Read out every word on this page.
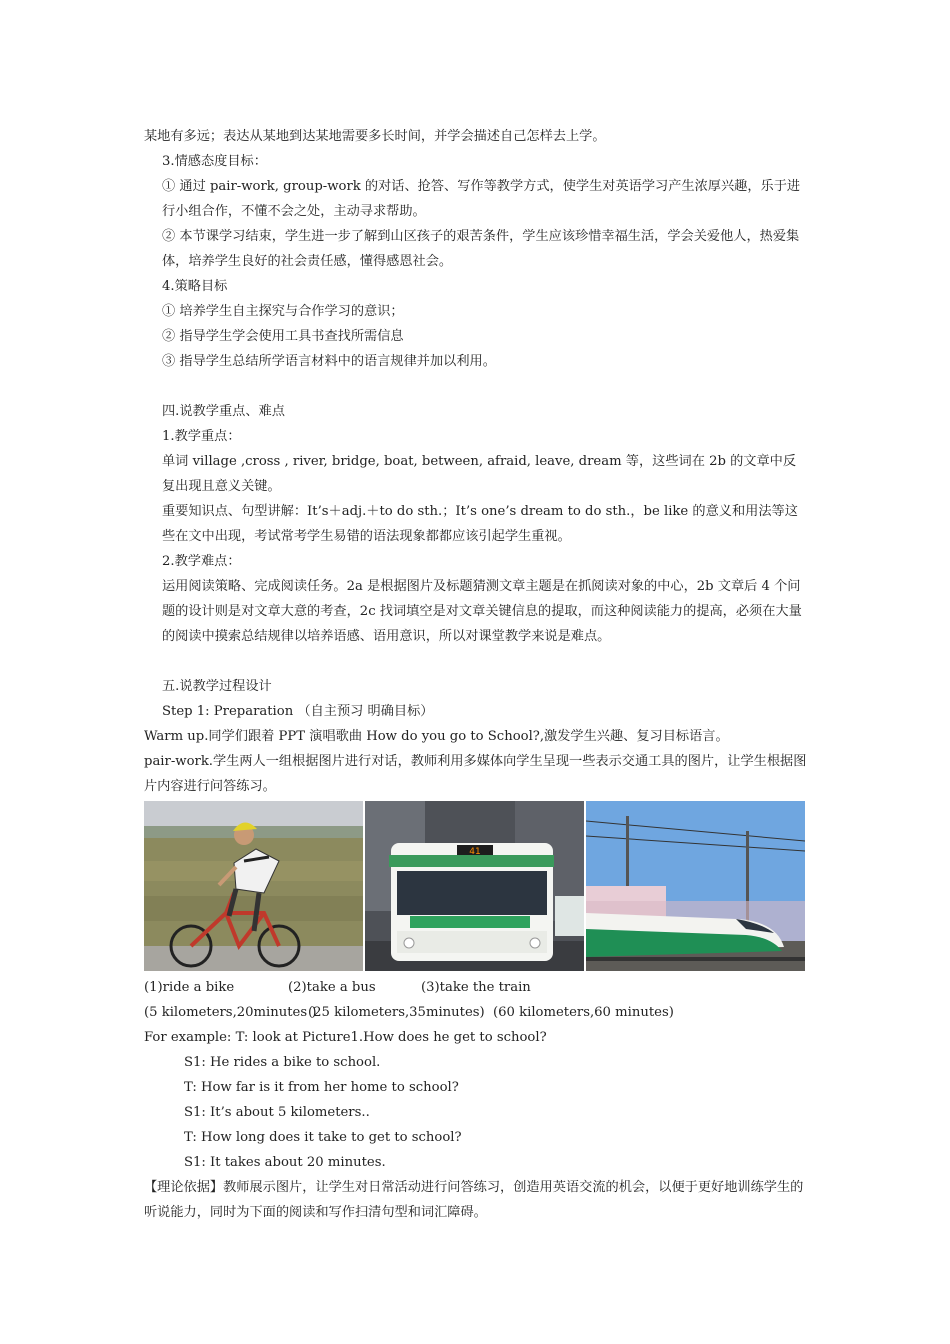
某地有多远；表达从某地到达某地需要多长时间，并学会描述自己怎样去上学。

3.情感态度目标：

① 通过 pair-work, group-work 的对话、抢答、写作等教学方式，使学生对英语学习产生浓厚兴趣，乐于进行小组合作，不懂不会之处，主动寻求帮助。

② 本节课学习结束，学生进一步了解到山区孩子的艰苦条件，学生应该珍惜幸福生活，学会关爱他人，热爱集体，培养学生良好的社会责任感，懂得感恩社会。

4.策略目标

① 培养学生自主探究与合作学习的意识；

② 指导学生学会使用工具书查找所需信息

③ 指导学生总结所学语言材料中的语言规律并加以利用。

四.说教学重点、难点

1.教学重点：

单词 village ,cross , river, bridge, boat, between, afraid, leave, dream 等，这些词在 2b 的文章中反复出现且意义关键。

重要知识点、句型讲解：It’s＋adj.＋to do sth.；It’s one’s dream to do sth.，be like 的意义和用法等这些在文中出现，考试常考学生易错的语法现象都都应该引起学生重视。

2.教学难点：

运用阅读策略、完成阅读任务。2a 是根据图片及标题猜测文章主题是在抓阅读对象的中心，2b 文章后 4 个问题的设计则是对文章大意的考查，2c 找词填空是对文章关键信息的提取，而这种阅读能力的提高，必须在大量的阅读中摸索总结规律以培养语感、语用意识，所以对课堂教学来说是难点。

五.说教学过程设计

Step 1: Preparation （自主预习 明确目标）

Warm up.同学们跟着 PPT 演唱歌曲 How do you go to School?,激发学生兴趣、复习目标语言。

pair-work.学生两人一组根据图片进行对话，教师利用多媒体向学生呈现一些表示交通工具的图片，让学生根据图片内容进行问答练习。

41
(1)ride a bike	(2)take a bus	(3)take the train
(5 kilometers,20minutes )
(25 kilometers,35minutes) (60 kilometers,60 minutes)

For example: T: look at Picture1.How does he get to school?

S1: He rides a bike to school.

T: How far is it from her home to school?

S1: It’s about 5 kilometers..

T: How long does it take to get to school?

S1: It takes about 20 minutes.

【理论依据】教师展示图片，让学生对日常活动进行问答练习，创造用英语交流的机会，以便于更好地训练学生的听说能力，同时为下面的阅读和写作扫清句型和词汇障碍。
